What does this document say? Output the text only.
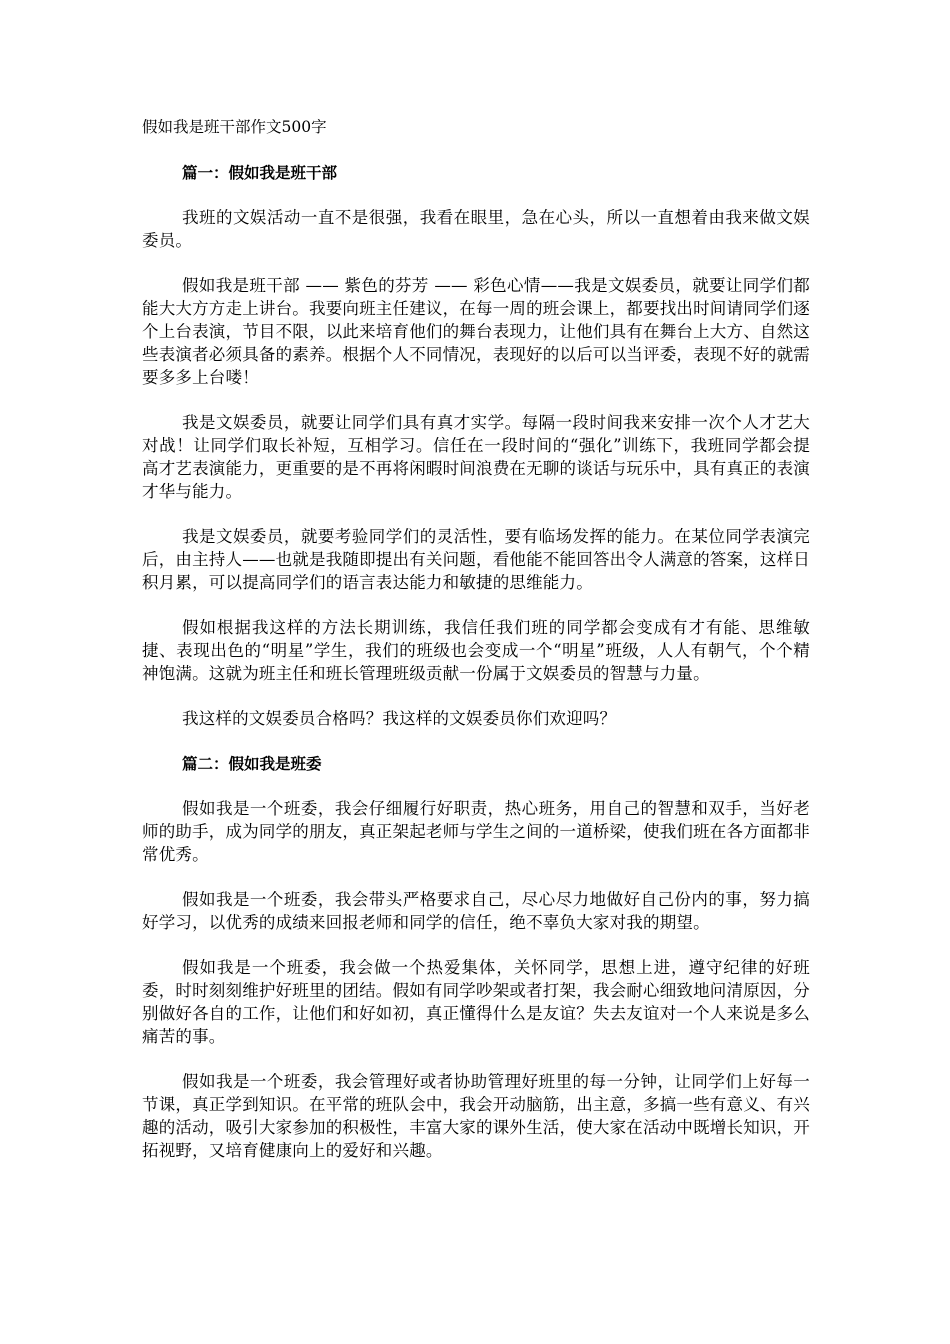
假如我是班干部作文500字
篇一：假如我是班干部

我班的文娱活动一直不是很强，我看在眼里，急在心头，所以一直想着由我来做文娱委员。

假如我是班干部 —— 紫色的芬芳 —— 彩色心情——我是文娱委员，就要让同学们都能大大方方走上讲台。我要向班主任建议，在每一周的班会课上，都要找出时间请同学们逐个上台表演，节目不限，以此来培育他们的舞台表现力，让他们具有在舞台上大方、自然这些表演者必须具备的素养。根据个人不同情况，表现好的以后可以当评委，表现不好的就需要多多上台喽！

我是文娱委员，就要让同学们具有真才实学。每隔一段时间我来安排一次个人才艺大对战！让同学们取长补短，互相学习。信任在一段时间的“强化”训练下，我班同学都会提高才艺表演能力，更重要的是不再将闲暇时间浪费在无聊的谈话与玩乐中，具有真正的表演才华与能力。

我是文娱委员，就要考验同学们的灵活性，要有临场发挥的能力。在某位同学表演完后，由主持人——也就是我随即提出有关问题，看他能不能回答出令人满意的答案，这样日积月累，可以提高同学们的语言表达能力和敏捷的思维能力。

假如根据我这样的方法长期训练，我信任我们班的同学都会变成有才有能、思维敏捷、表现出色的“明星”学生，我们的班级也会变成一个“明星”班级，人人有朝气，个个精神饱满。这就为班主任和班长管理班级贡献一份属于文娱委员的智慧与力量。

我这样的文娱委员合格吗？我这样的文娱委员你们欢迎吗？

篇二：假如我是班委

假如我是一个班委，我会仔细履行好职责，热心班务，用自己的智慧和双手，当好老师的助手，成为同学的朋友，真正架起老师与学生之间的一道桥梁，使我们班在各方面都非常优秀。

假如我是一个班委，我会带头严格要求自己，尽心尽力地做好自己份内的事，努力搞好学习，以优秀的成绩来回报老师和同学的信任，绝不辜负大家对我的期望。

假如我是一个班委，我会做一个热爱集体，关怀同学，思想上进，遵守纪律的好班委，时时刻刻维护好班里的团结。假如有同学吵架或者打架，我会耐心细致地问清原因，分别做好各自的工作，让他们和好如初，真正懂得什么是友谊？失去友谊对一个人来说是多么痛苦的事。

假如我是一个班委，我会管理好或者协助管理好班里的每一分钟，让同学们上好每一节课，真正学到知识。在平常的班队会中，我会开动脑筋，出主意，多搞一些有意义、有兴趣的活动，吸引大家参加的积极性，丰富大家的课外生活，使大家在活动中既增长知识，开拓视野，又培育健康向上的爱好和兴趣。
